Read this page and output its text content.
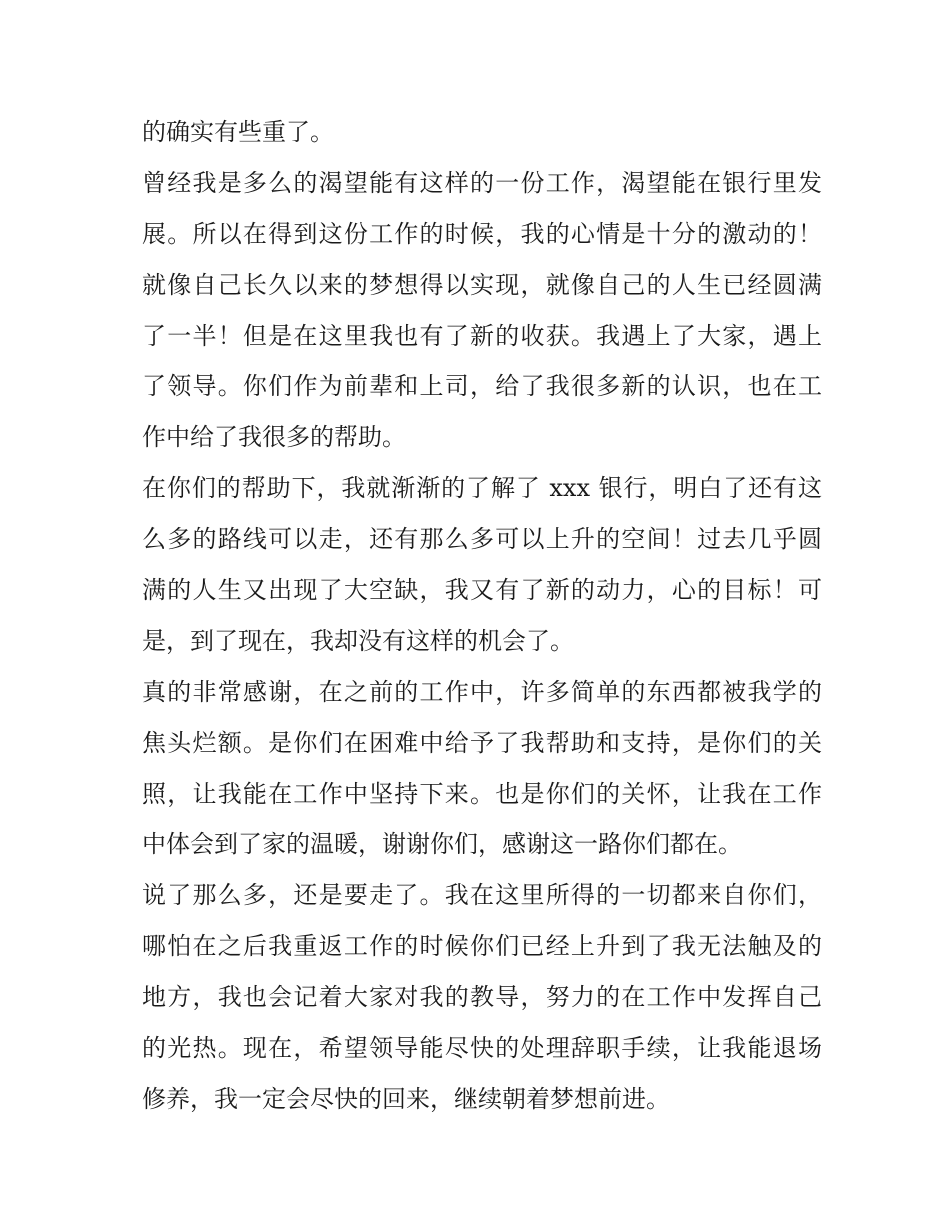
的确实有些重了。
曾经我是多么的渴望能有这样的一份工作，渴望能在银行里发
展。所以在得到这份工作的时候，我的心情是十分的激动的！
就像自己长久以来的梦想得以实现，就像自己的人生已经圆满
了一半！但是在这里我也有了新的收获。我遇上了大家，遇上
了领导。你们作为前辈和上司，给了我很多新的认识，也在工
作中给了我很多的帮助。
在你们的帮助下，我就渐渐的了解了 xxx 银行，明白了还有这
么多的路线可以走，还有那么多可以上升的空间！过去几乎圆
满的人生又出现了大空缺，我又有了新的动力，心的目标！可
是，到了现在，我却没有这样的机会了。
真的非常感谢，在之前的工作中，许多简单的东西都被我学的
焦头烂额。是你们在困难中给予了我帮助和支持，是你们的关
照，让我能在工作中坚持下来。也是你们的关怀，让我在工作
中体会到了家的温暖，谢谢你们，感谢这一路你们都在。
说了那么多，还是要走了。我在这里所得的一切都来自你们，
哪怕在之后我重返工作的时候你们已经上升到了我无法触及的
地方，我也会记着大家对我的教导，努力的在工作中发挥自己
的光热。现在，希望领导能尽快的处理辞职手续，让我能退场
修养，我一定会尽快的回来，继续朝着梦想前进。
